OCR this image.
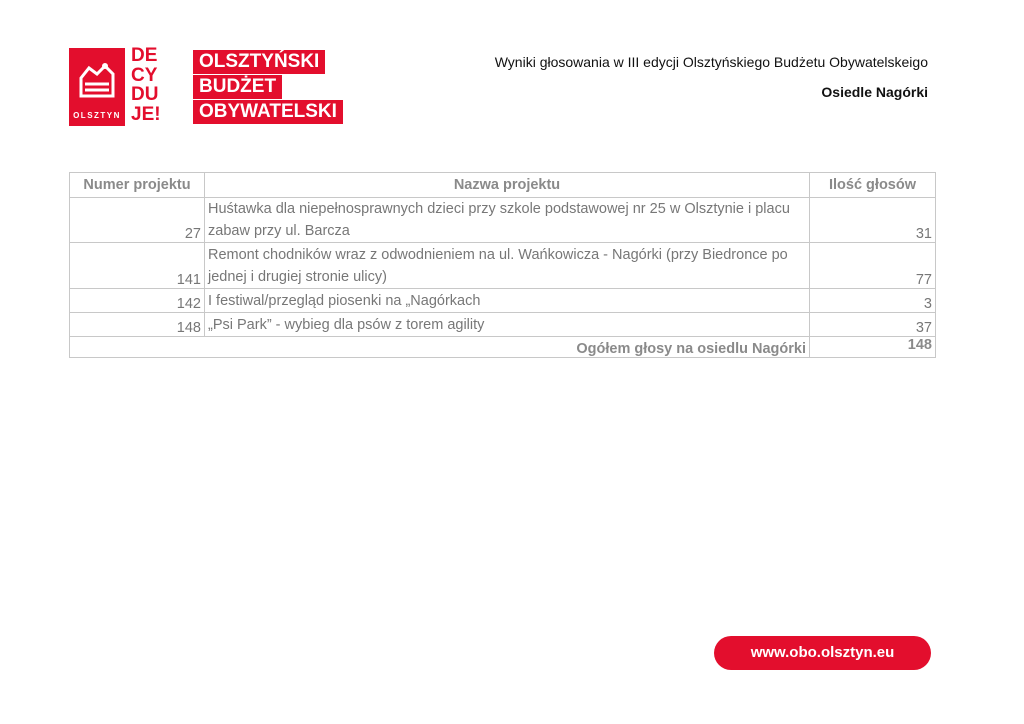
OLSZTYN
DE
CY
DU
JE!
OLSZTYŃSKI
BUDŻET
OBYWATELSKI
Wyniki głosowania w III edycji Olsztyńskiego Budżetu Obywatelskeigo
Osiedle Nagórki
Numer projektu	Nazwa projektu	Ilość głosów
27	Huśtawka dla niepełnosprawnych dzieci przy szkole podstawowej nr 25 w Olsztynie i placu zabaw przy ul. Barcza	31
141	Remont chodników wraz z odwodnieniem na ul. Wańkowicza - Nagórki (przy Biedronce po jednej i drugiej stronie ulicy)	77
142	I festiwal/przegląd piosenki na „Nagórkach	3
148	„Psi Park” - wybieg dla psów z torem agility	37
Ogółem głosy na osiedlu Nagórki		148
www.obo.olsztyn.eu
